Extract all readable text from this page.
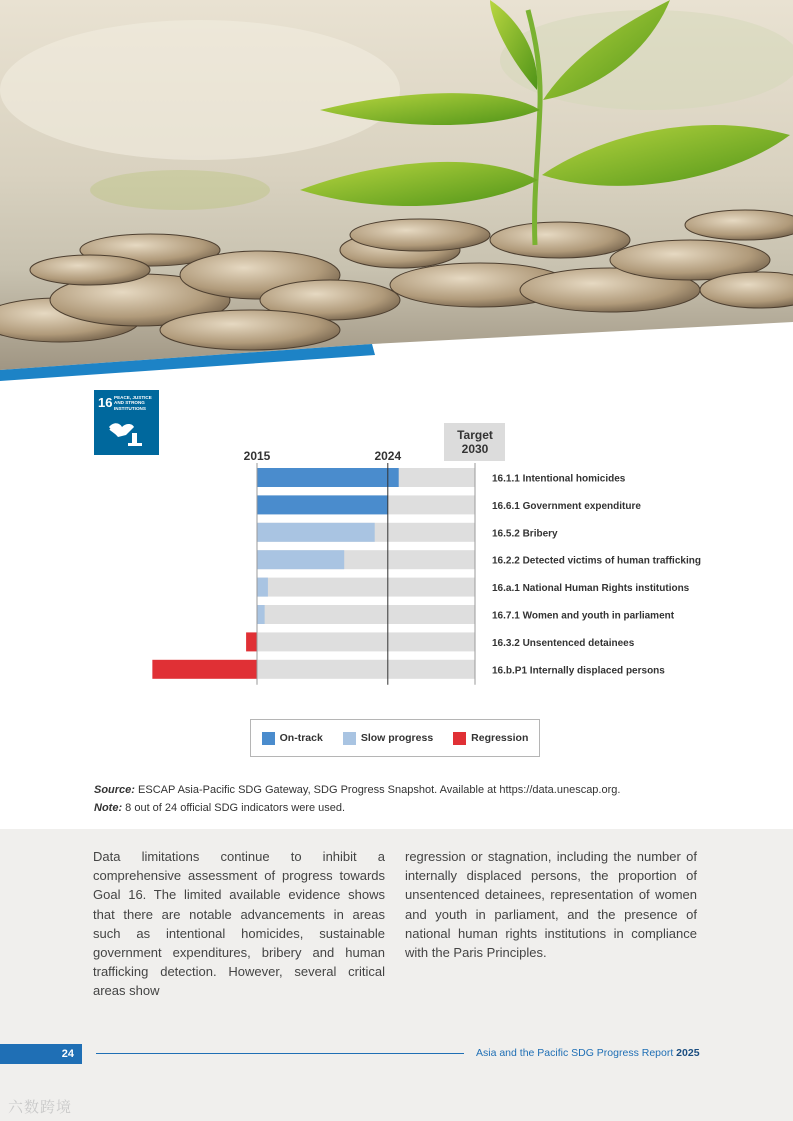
16 PEACE, JUSTICE AND STRONG INSTITUTIONS
Target
2030
2015	2024
16.1.1 Intentional homicides
16.6.1 Government expenditure
16.5.2 Bribery
16.2.2 Detected victims of human trafficking
16.a.1 National Human Rights institutions
16.7.1 Women and youth in parliament
16.3.2 Unsentenced detainees
16.b.P1 Internally displaced persons
On-track	Slow progress	Regression
Source: ESCAP Asia-Pacific SDG Gateway, SDG Progress Snapshot. Available at https://data.unescap.org.
Note: 8 out of 24 official SDG indicators were used.
Data limitations continue to inhibit a comprehensive assessment of progress towards Goal 16. The limited available evidence shows that there are notable advancements in areas such as intentional homicides, sustainable government expenditures, bribery and human trafficking detection. However, several critical areas show
regression or stagnation, including the number of internally displaced persons, the proportion of unsentenced detainees, representation of women and youth in parliament, and the presence of national human rights institutions in compliance with the Paris Principles.
24	Asia and the Pacific SDG Progress Report 2025
六数跨境
